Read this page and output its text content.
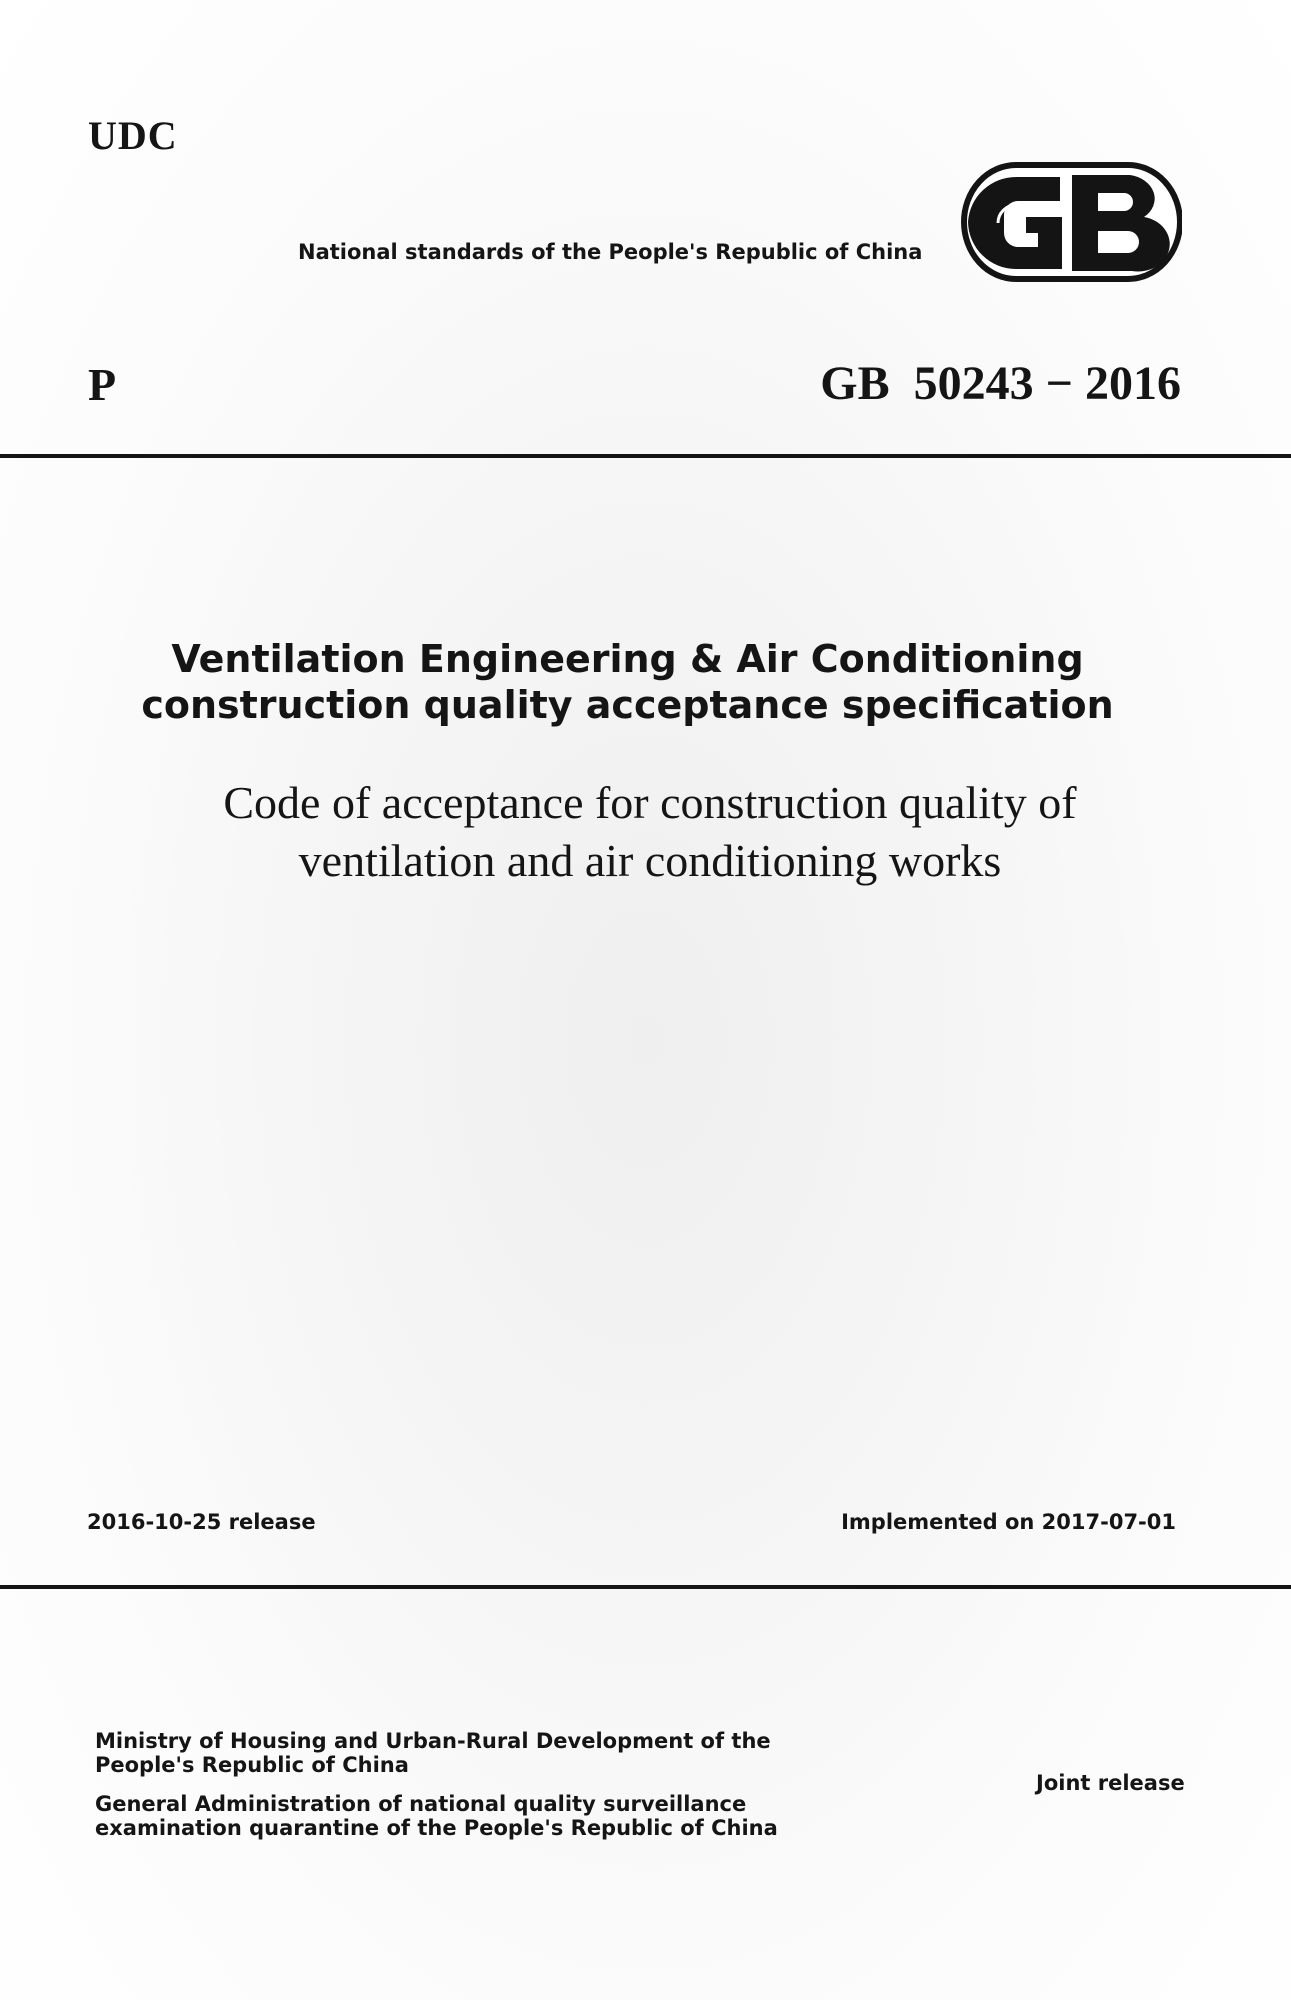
UDC
National standards of the People's Republic of China
P	GB  50243 − 2016
Ventilation Engineering & Air Conditioning
construction quality acceptance specification
Code of acceptance for construction quality of
ventilation and air conditioning works
2016-10-25 release	Implemented on 2017-07-01
Ministry of Housing and Urban-Rural Development of the People's Republic of China
General Administration of national quality surveillance examination quarantine of the People's Republic of China
Joint release
